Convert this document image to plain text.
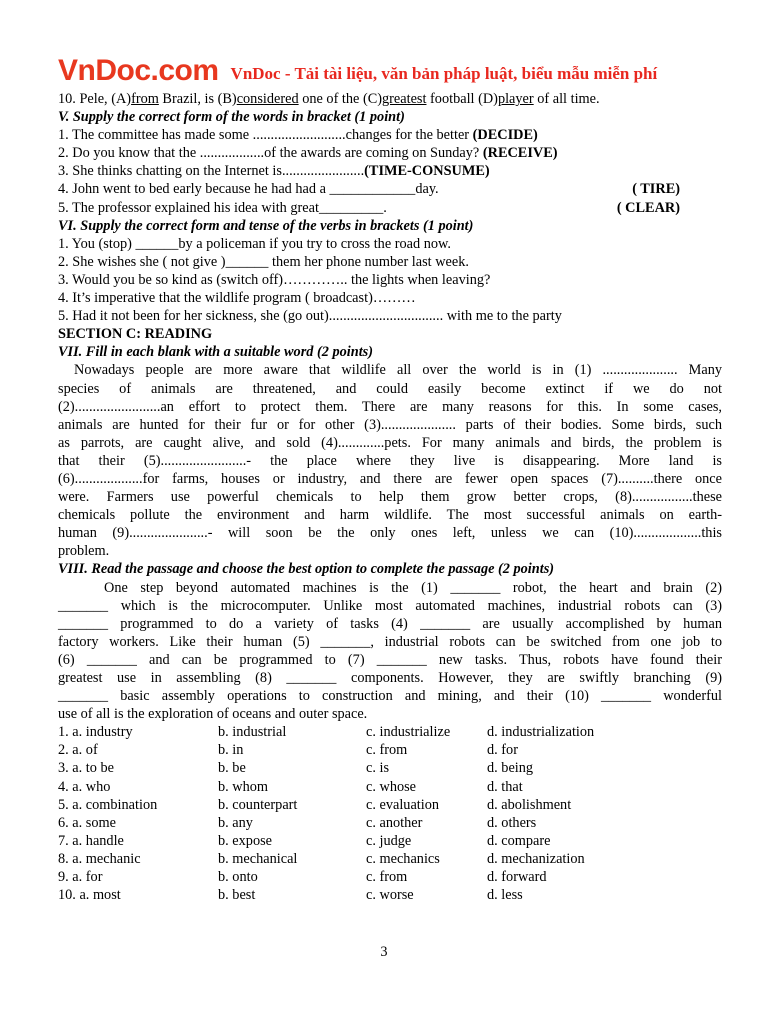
VnDoc.com VnDoc - Tải tài liệu, văn bản pháp luật, biểu mẫu miễn phí
10. Pele, (A)from Brazil, is (B)considered one of the (C)greatest football (D)player of all time.
V. Supply the correct form of the words in bracket (1 point)
1. The committee has made some ..........................changes for the better (DECIDE)
2. Do you know that the ..................of the awards are coming on Sunday? (RECEIVE)
3. She thinks chatting on the Internet is.......................(TIME-CONSUME)
4. John went to bed early because he had had a ____________day.	( TIRE)
5. The professor explained his idea with great_________.	( CLEAR)
VI. Supply the correct form and tense of the verbs in brackets (1 point)
1. You (stop) ______by a policeman if you try to cross the road now.
2. She wishes she ( not give )______ them her phone number last week.
3. Would you be so kind as (switch off)………….. the lights when leaving?
4. It’s imperative that the wildlife program ( broadcast)………
5. Had it not been for her sickness, she (go out)................................ with me to the party
SECTION C: READING
VII. Fill in each blank with a suitable word (2 points)
Nowadays people are more aware that wildlife all over the world is in (1) ..................... Many
species of animals are threatened, and could easily become extinct if we do not
(2)........................an effort to protect them. There are many reasons for this. In some cases,
animals are hunted for their fur or for other (3)..................... parts of their bodies. Some birds, such
as parrots, are caught alive, and sold (4).............pets. For many animals and birds, the problem is
that their (5)........................- the place where they live is disappearing. More land is
(6)...................for farms, houses or industry, and there are fewer open spaces (7)..........there once
were. Farmers use powerful chemicals to help them grow better crops, (8).................these
chemicals pollute the environment and harm wildlife. The most successful animals on earth-
human (9)......................- will soon be the only ones left, unless we can (10)...................this
problem.
VIII. Read the passage and choose the best option to complete the passage (2 points)
One step beyond automated machines is the (1) _______ robot, the heart and brain (2)
_______ which is the microcomputer. Unlike most automated machines, industrial robots can (3)
_______ programmed to do a variety of tasks (4) _______ are usually accomplished by human
factory workers. Like their human (5) _______, industrial robots can be switched from one job to
(6) _______ and can be programmed to (7) _______ new tasks. Thus, robots have found their
greatest use in assembling (8) _______ components. However, they are swiftly branching (9)
_______ basic assembly operations to construction and mining, and their (10) _______ wonderful
use of all is the exploration of oceans and outer space.
1. a. industry	b. industrial	c. industrialize	d. industrialization
2. a. of	b. in	c. from	d. for
3. a. to be	b. be	c. is	d. being
4. a. who	b. whom	c. whose	d. that
5. a. combination	b. counterpart	c. evaluation	d. abolishment
6. a. some	b. any	c. another	d. others
7. a. handle	b. expose	c. judge	d. compare
8. a. mechanic	b. mechanical	c. mechanics	d. mechanization
9. a. for	b. onto	c. from	d. forward
10. a. most	b. best	c. worse	d. less
3
